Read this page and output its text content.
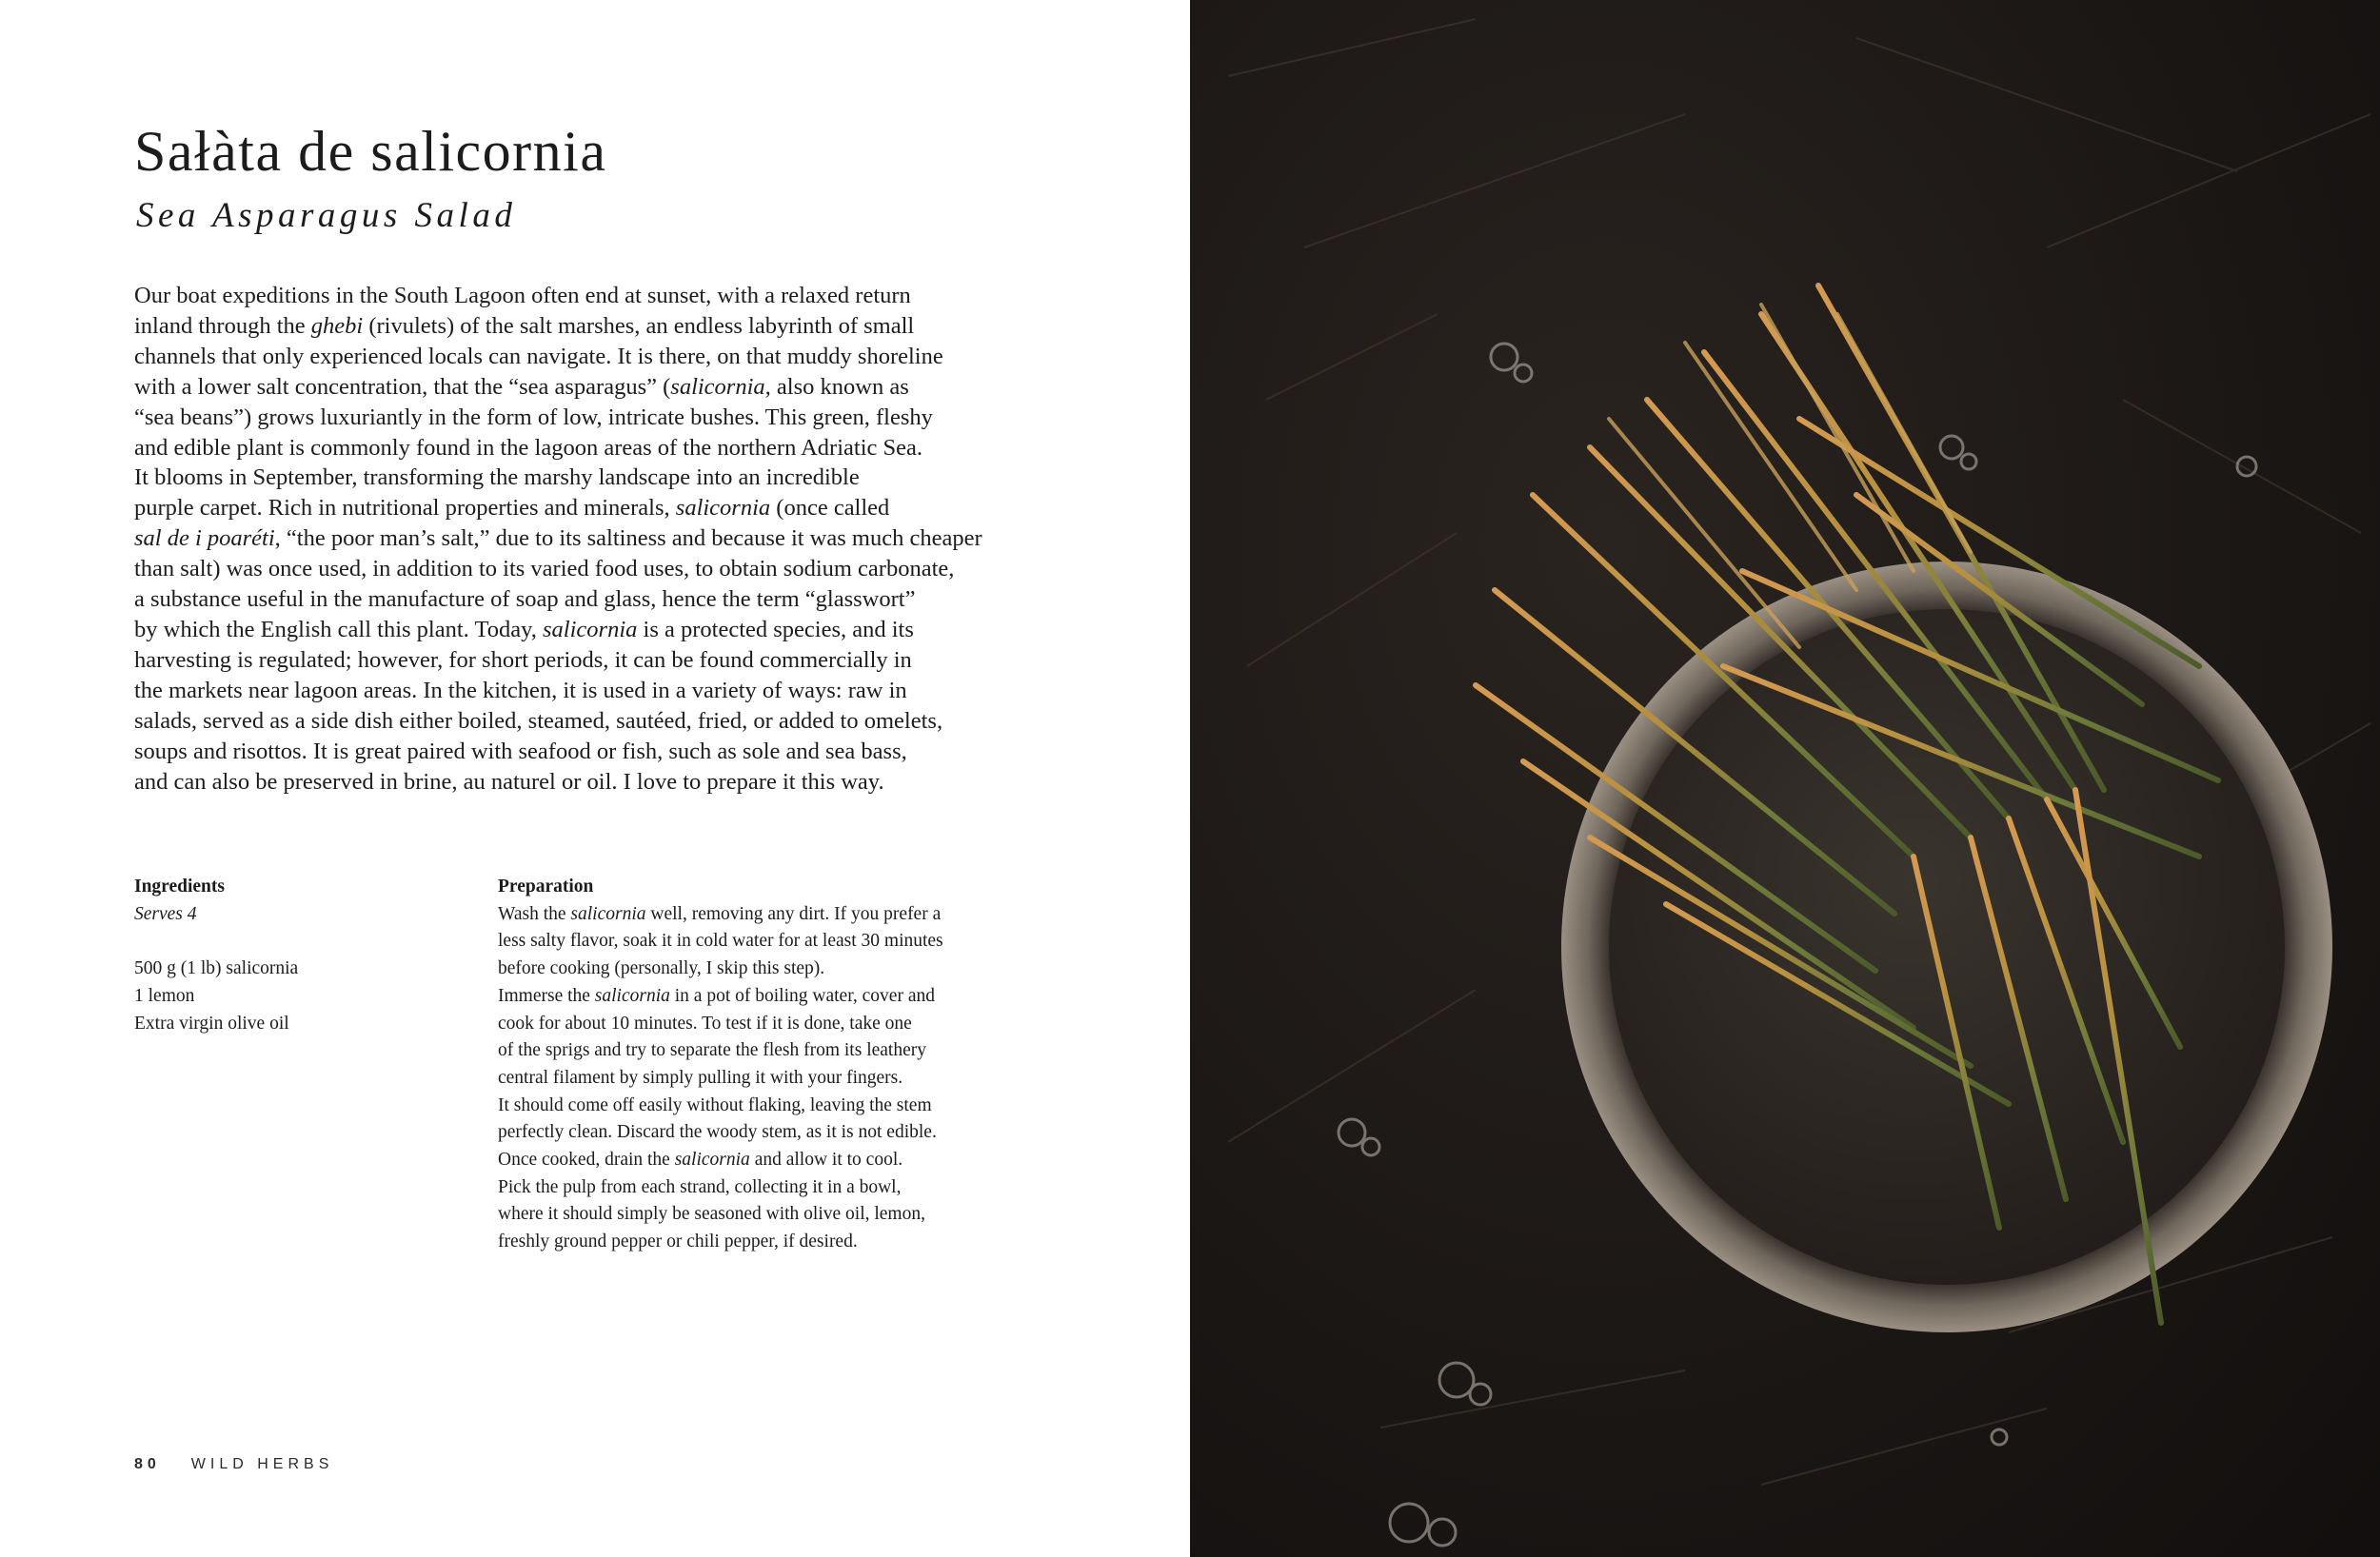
Sałàta de salicornia
Sea Asparagus Salad
Our boat expeditions in the South Lagoon often end at sunset, with a relaxed return
inland through the ghebi (rivulets) of the salt marshes, an endless labyrinth of small
channels that only experienced locals can navigate. It is there, on that muddy shoreline
with a lower salt concentration, that the “sea asparagus” (salicornia, also known as
“sea beans”) grows luxuriantly in the form of low, intricate bushes. This green, fleshy
and edible plant is commonly found in the lagoon areas of the northern Adriatic Sea.
It blooms in September, transforming the marshy landscape into an incredible
purple carpet. Rich in nutritional properties and minerals, salicornia (once called
sal de i poaréti, “the poor man’s salt,” due to its saltiness and because it was much cheaper
than salt) was once used, in addition to its varied food uses, to obtain sodium carbonate,
a substance useful in the manufacture of soap and glass, hence the term “glasswort”
by which the English call this plant. Today, salicornia is a protected species, and its
harvesting is regulated; however, for short periods, it can be found commercially in
the markets near lagoon areas. In the kitchen, it is used in a variety of ways: raw in
salads, served as a side dish either boiled, steamed, sautéed, fried, or added to omelets,
soups and risottos. It is great paired with seafood or fish, such as sole and sea bass,
and can also be preserved in brine, au naturel or oil. I love to prepare it this way.
Ingredients
Serves 4
500 g (1 lb) salicornia
1 lemon
Extra virgin olive oil
Preparation
Wash the salicornia well, removing any dirt. If you prefer a
less salty flavor, soak it in cold water for at least 30 minutes
before cooking (personally, I skip this step).
Immerse the salicornia in a pot of boiling water, cover and
cook for about 10 minutes. To test if it is done, take one
of the sprigs and try to separate the flesh from its leathery
central filament by simply pulling it with your fingers.
It should come off easily without flaking, leaving the stem
perfectly clean. Discard the woody stem, as it is not edible.
Once cooked, drain the salicornia and allow it to cool.
Pick the pulp from each strand, collecting it in a bowl,
where it should simply be seasoned with olive oil, lemon,
freshly ground pepper or chili pepper, if desired.
80 WILD HERBS
